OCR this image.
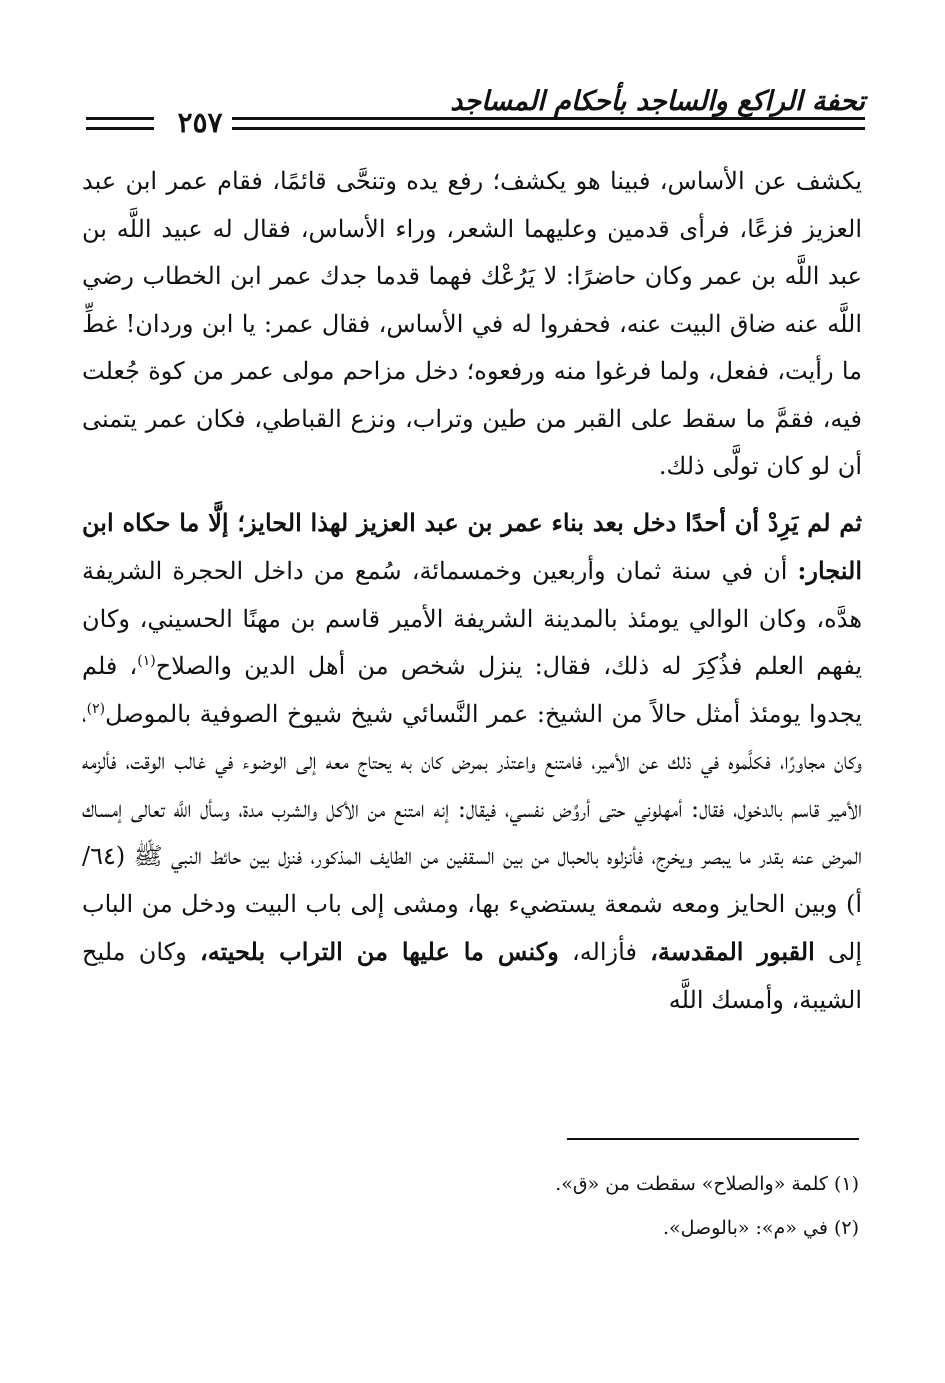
تحفة الراكع والساجد بأحكام المساجد
٢٥٧

يكشف عن الأساس، فبينا هو يكشف؛ رفع يده وتنحَّى قائمًا، فقام عمر ابن عبد العزيز فزعًا، فرأى قدمين وعليهما الشعر، وراء الأساس، فقال له عبيد اللَّه بن عبد اللَّه بن عمر وكان حاضرًا: لا يَرُعْك فهما قدما جدك عمر ابن الخطاب رضي اللَّه عنه ضاق البيت عنه، فحفروا له في الأساس، فقال عمر: يا ابن وردان! غطِّ ما رأيت، ففعل، ولما فرغوا منه ورفعوه؛ دخل مزاحم مولى عمر من كوة جُعلت فيه، فقمَّ ما سقط على القبر من طين وتراب، ونزع القباطي، فكان عمر يتمنى أن لو كان تولَّى ذلك.

ثم لم يَرِدْ أن أحدًا دخل بعد بناء عمر بن عبد العزيز لهذا الحايز؛ إلَّا ما حكاه ابن النجار: أن في سنة ثمان وأربعين وخمسمائة، سُمع من داخل الحجرة الشريفة هدَّه، وكان الوالي يومئذ بالمدينة الشريفة الأمير قاسم بن مهنًا الحسيني، وكان يفهم العلم فذُكِرَ له ذلك، فقال: ينزل شخص من أهل الدين والصلاح$^{(١)}$، فلم يجدوا يومئذ أمثل حالاً من الشيخ: عمر النَّسائي شيخ شيوخ الصوفية بالموصل$^{(٢)}$، وكان مجاورًا، فكلَّموه في ذلك عن الأمير، فامتنع واعتذر بمرض كان به يحتاج معه إلى الوضوء في غالب الوقت، فألزمه الأمير قاسم بالدخول، فقال: أمهلوني حتى أروِّض نفسي، فيقال: إنه امتنع من الأكل والشرب مدة، وسأل اللَّه تعالى إمساك المرض عنه بقدر ما يبصر ويخرج، فأنزلوه بالحبال من بين السقفين من الطايف المذكور، فنزل بين حائط النبي ﷺ (٦٤/أ) وبين الحايز ومعه شمعة يستضيء بها، ومشى إلى باب البيت ودخل من الباب إلى القبور المقدسة، فأزاله، وكنس ما عليها من التراب بلحيته، وكان مليح الشيبة، وأمسك اللَّه

(١) كلمة «والصلاح» سقطت من «ق».
(٢) في «م»: «بالوصل».
